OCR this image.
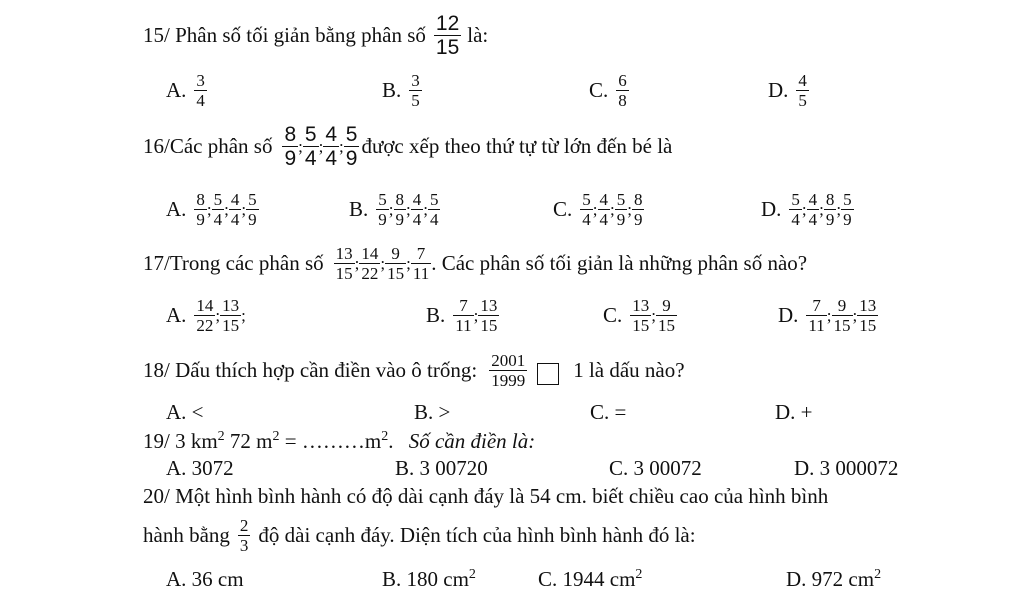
15/ Phân số tối giản bằng phân số $\frac{12}{15}$ là:
A. $\frac{3}{4}$	B. $\frac{3}{5}$	C. $\frac{6}{8}$	D. $\frac{4}{5}$
16/Các phân số $\frac{8}{9}$ ; $\frac{5}{4}$ ; $\frac{4}{4}$ ; $\frac{5}{9}$ được xếp theo thứ tự từ lớn đến bé là
A. $\frac{8}{9}$ ; $\frac{5}{4}$ ; $\frac{4}{4}$ ; $\frac{5}{9}$	B. $\frac{5}{9}$ ; $\frac{8}{9}$ ; $\frac{4}{4}$ ; $\frac{5}{4}$	C. $\frac{5}{4}$ ; $\frac{4}{4}$ ; $\frac{5}{9}$ ; $\frac{8}{9}$	D. $\frac{5}{4}$ ; $\frac{4}{4}$ ; $\frac{8}{9}$ ; $\frac{5}{9}$
17/Trong các phân số $\frac{13}{15}$ ; $\frac{14}{22}$ ; $\frac{9}{15}$ ; $\frac{7}{11}$ . Các phân số tối giản là những phân số nào?
A. $\frac{14}{22}$ ; $\frac{13}{15}$ ;	B. $\frac{7}{11}$ ; $\frac{13}{15}$	C. $\frac{13}{15}$ ; $\frac{9}{15}$	D. $\frac{7}{11}$ ; $\frac{9}{15}$ ; $\frac{13}{15}$
18/ Dấu thích hợp cần điền vào ô trống: $\frac{2001}{1999} 1$ là dấu nào?
A. <	B. >	C. =	D. +
19/ 3 $km^2$ 72 $m^2$ = $\dots\dots\dots m^2$. Số cần điền là:
A. 3072	B. 3 00720	C. 3 00072	D. 3 000072
20/ Một hình bình hành có độ dài cạnh đáy là 54 cm. biết chiều cao của hình bình
hành bằng $\frac{2}{3}$ độ dài cạnh đáy. Diện tích của hình bình hành đó là:
A. 36 cm	B. 180 $cm^2$	C. 1944 $cm^2$	D. 972 $cm^2$
